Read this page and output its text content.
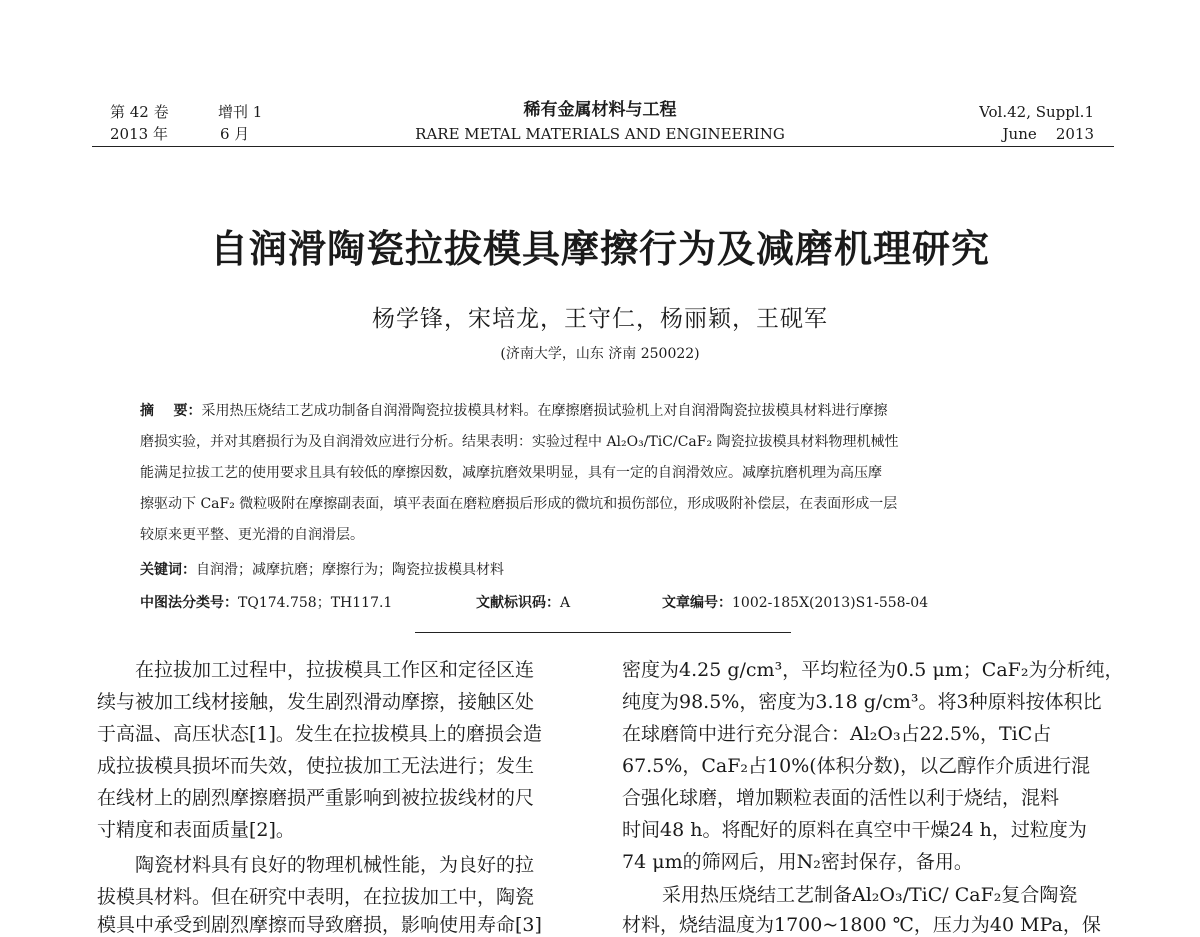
第 42 卷	增刊 1
2013 年	6 月
稀有金属材料与工程
RARE METAL MATERIALS AND ENGINEERING
Vol.42, Suppl.1
June    2013
自润滑陶瓷拉拔模具摩擦行为及减磨机理研究
杨学锋，宋培龙，王守仁，杨丽颖，王砚军
(济南大学，山东 济南 250022)
摘    要：采用热压烧结工艺成功制备自润滑陶瓷拉拔模具材料。在摩擦磨损试验机上对自润滑陶瓷拉拔模具材料进行摩擦
磨损实验，并对其磨损行为及自润滑效应进行分析。结果表明：实验过程中 Al₂O₃/TiC/CaF₂ 陶瓷拉拔模具材料物理机械性
能满足拉拔工艺的使用要求且具有较低的摩擦因数，减摩抗磨效果明显，具有一定的自润滑效应。减摩抗磨机理为高压摩
擦驱动下 CaF₂ 微粒吸附在摩擦副表面，填平表面在磨粒磨损后形成的微坑和损伤部位，形成吸附补偿层，在表面形成一层
较原来更平整、更光滑的自润滑层。
关键词：自润滑；减摩抗磨；摩擦行为；陶瓷拉拔模具材料
中图法分类号：TQ174.758；TH117.1	文献标识码：A	文章编号：1002-185X(2013)S1-558-04
在拉拔加工过程中，拉拔模具工作区和定径区连
续与被加工线材接触，发生剧烈滑动摩擦，接触区处
于高温、高压状态[1]。发生在拉拔模具上的磨损会造
成拉拔模具损坏而失效，使拉拔加工无法进行；发生
在线材上的剧烈摩擦磨损严重影响到被拉拔线材的尺
寸精度和表面质量[2]。
陶瓷材料具有良好的物理机械性能，为良好的拉
拔模具材料。但在研究中表明，在拉拔加工中，陶瓷
模具中承受到剧烈摩擦而导致磨损，影响使用寿命[3]
密度为4.25 g/cm³，平均粒径为0.5 μm；CaF₂为分析纯，
纯度为98.5%，密度为3.18 g/cm³。将3种原料按体积比
在球磨筒中进行充分混合：Al₂O₃占22.5%，TiC占
67.5%，CaF₂占10%(体积分数)，以乙醇作介质进行混
合强化球磨，增加颗粒表面的活性以利于烧结，混料
时间48 h。将配好的原料在真空中干燥24 h，过粒度为
74 μm的筛网后，用N₂密封保存，备用。
采用热压烧结工艺制备Al₂O₃/TiC/ CaF₂复合陶瓷
材料，烧结温度为1700~1800 ℃，压力为40 MPa，保
